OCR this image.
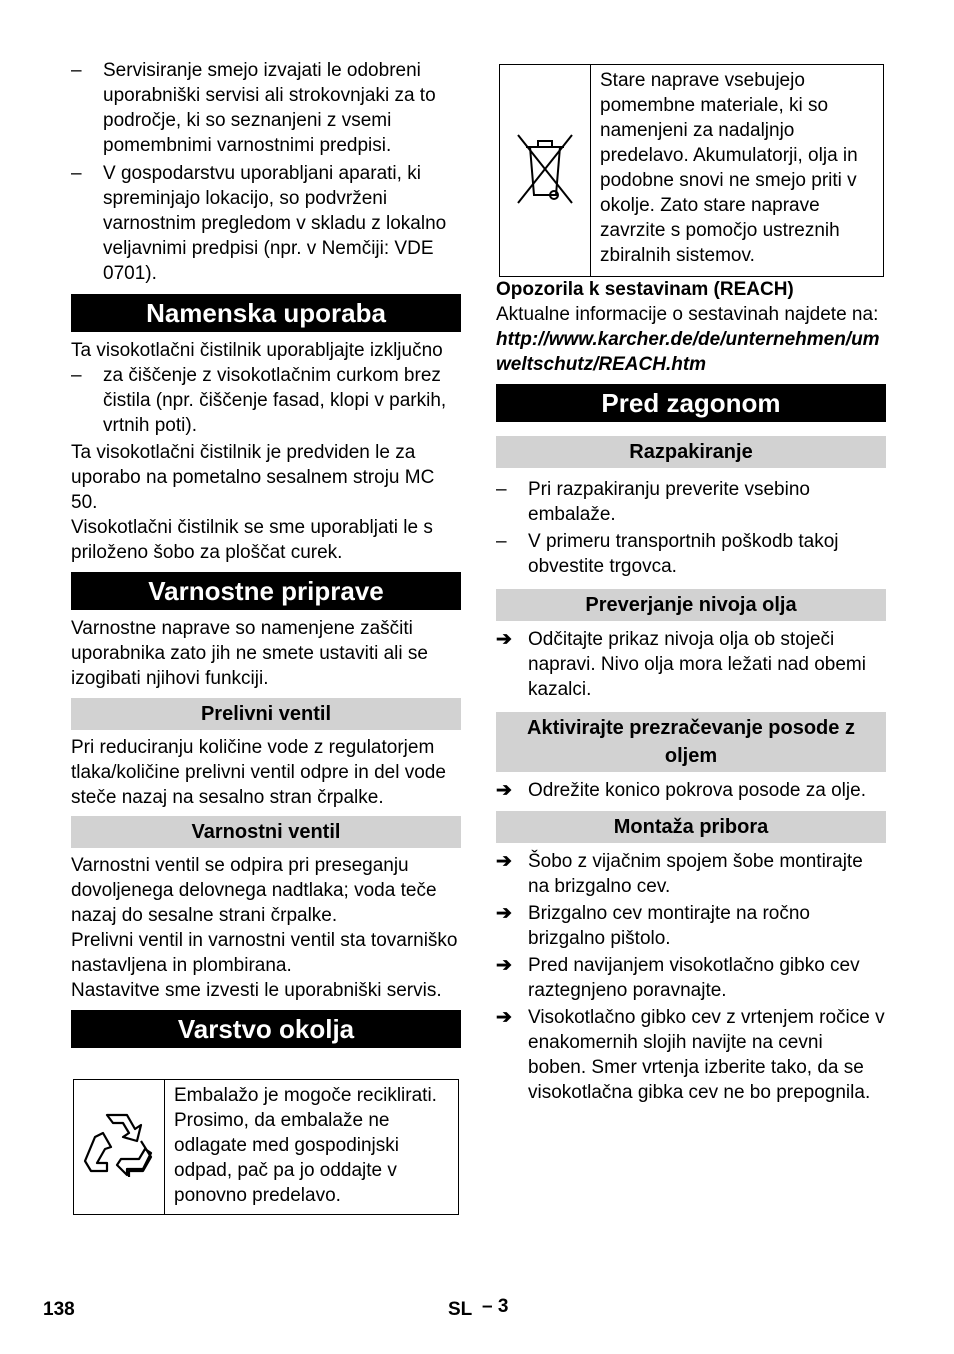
– Servisiranje smejo izvajati le odobreni uporabniški servisi ali strokovnjaki za to področje, ki so seznanjeni z vsemi pomembnimi varnostnimi predpisi.
– V gospodarstvu uporabljani aparati, ki spreminjajo lokacijo, so podvrženi varnostnim pregledom v skladu z lokalno veljavnimi predpisi (npr. v Nemčiji: VDE 0701).
Namenska uporaba

Ta visokotlačni čistilnik uporabljajte izključno

– za čiščenje z visokotlačnim curkom brez čistila (npr. čiščenje fasad, klopi v parkih, vrtnih poti).

Ta visokotlačni čistilnik je predviden le za uporabo na pometalno sesalnem stroju MC 50.

Visokotlačni čistilnik se sme uporabljati le s priloženo šobo za ploščat curek.

Varnostne priprave

Varnostne naprave so namenjene zaščiti uporabnika zato jih ne smete ustaviti ali se izogibati njihovi funkciji.

Prelivni ventil

Pri reduciranju količine vode z regulatorjem tlaka/količine prelivni ventil odpre in del vode steče nazaj na sesalno stran črpalke.

Varnostni ventil

Varnostni ventil se odpira pri preseganju dovoljenega delovnega nadtlaka; voda teče nazaj do sesalne strani črpalke.

Prelivni ventil in varnostni ventil sta tovarniško nastavljena in plombirana.

Nastavitve sme izvesti le uporabniški servis.

Varstvo okolja
	Embalažo je mogoče reciklirati. Prosimo, da embalaže ne odlagate med gospodinjski odpad, pač pa jo oddajte v ponovno predelavo.
	Stare naprave vsebujejo pomembne materiale, ki so namenjeni za nadaljnjo predelavo. Akumulatorji, olja in podobne snovi ne smejo priti v okolje. Zato stare naprave zavrzite s pomočjo ustreznih zbiralnih sistemov.

Opozorila k sestavinam (REACH)

Aktualne informacije o sestavinah najdete na:

http://www.karcher.de/de/unternehmen/umweltschutz/REACH.htm

Pred zagonom
Razpakiranje
– Pri razpakiranju preverite vsebino embalaže.
– V primeru transportnih poškodb takoj obvestite trgovca.
Preverjanje nivoja olja
➔ Odčitajte prikaz nivoja olja ob stoječi napravi. Nivo olja mora ležati nad obemi kazalci.
Aktivirajte prezračevanje posode z oljem
➔ Odrežite konico pokrova posode za olje.
Montaža pribora
➔ Šobo z vijačnim spojem šobe montirajte na brizgalno cev.
➔ Brizgalno cev montirajte na ročno brizgalno pištolo.
➔ Pred navijanjem visokotlačno gibko cev raztegnjeno poravnajte.
➔ Visokotlačno gibko cev z vrtenjem ročice v enakomernih slojih navijte na cevni boben. Smer vrtenja izberite tako, da se visokotlačna gibka cev ne bo prepognila.
138	SL – 3
